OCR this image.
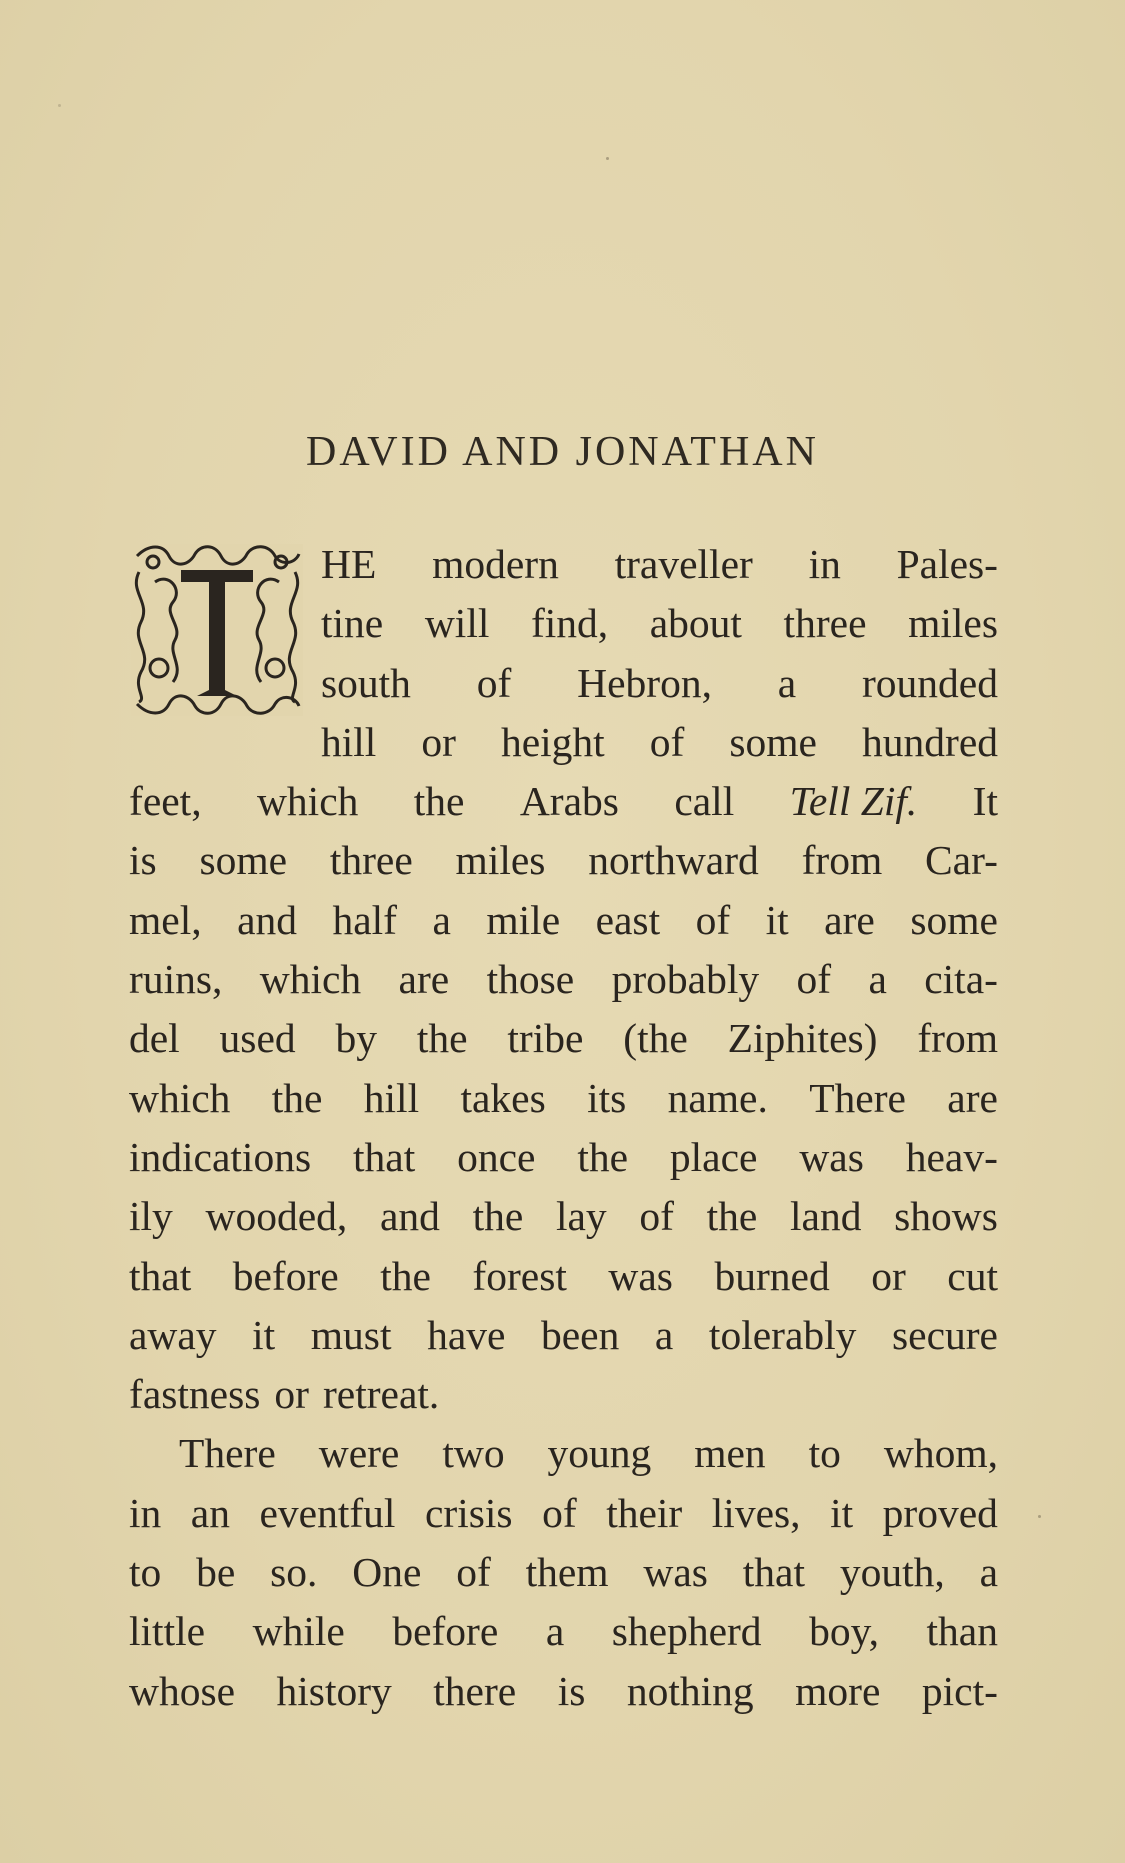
DAVID AND JONATHAN
T
HE modern traveller in Pales-
tine will find, about three miles
south of Hebron, a rounded
hill or height of some hundred
feet, which the Arabs call Tell Zif. It
is some three miles northward from Car-
mel, and half a mile east of it are some
ruins, which are those probably of a cita-
del used by the tribe (the Ziphites) from
which the hill takes its name. There are
indications that once the place was heav-
ily wooded, and the lay of the land shows
that before the forest was burned or cut
away it must have been a tolerably secure
fastness or retreat.
There were two young men to whom,
in an eventful crisis of their lives, it proved
to be so. One of them was that youth, a
little while before a shepherd boy, than
whose history there is nothing more pict-
